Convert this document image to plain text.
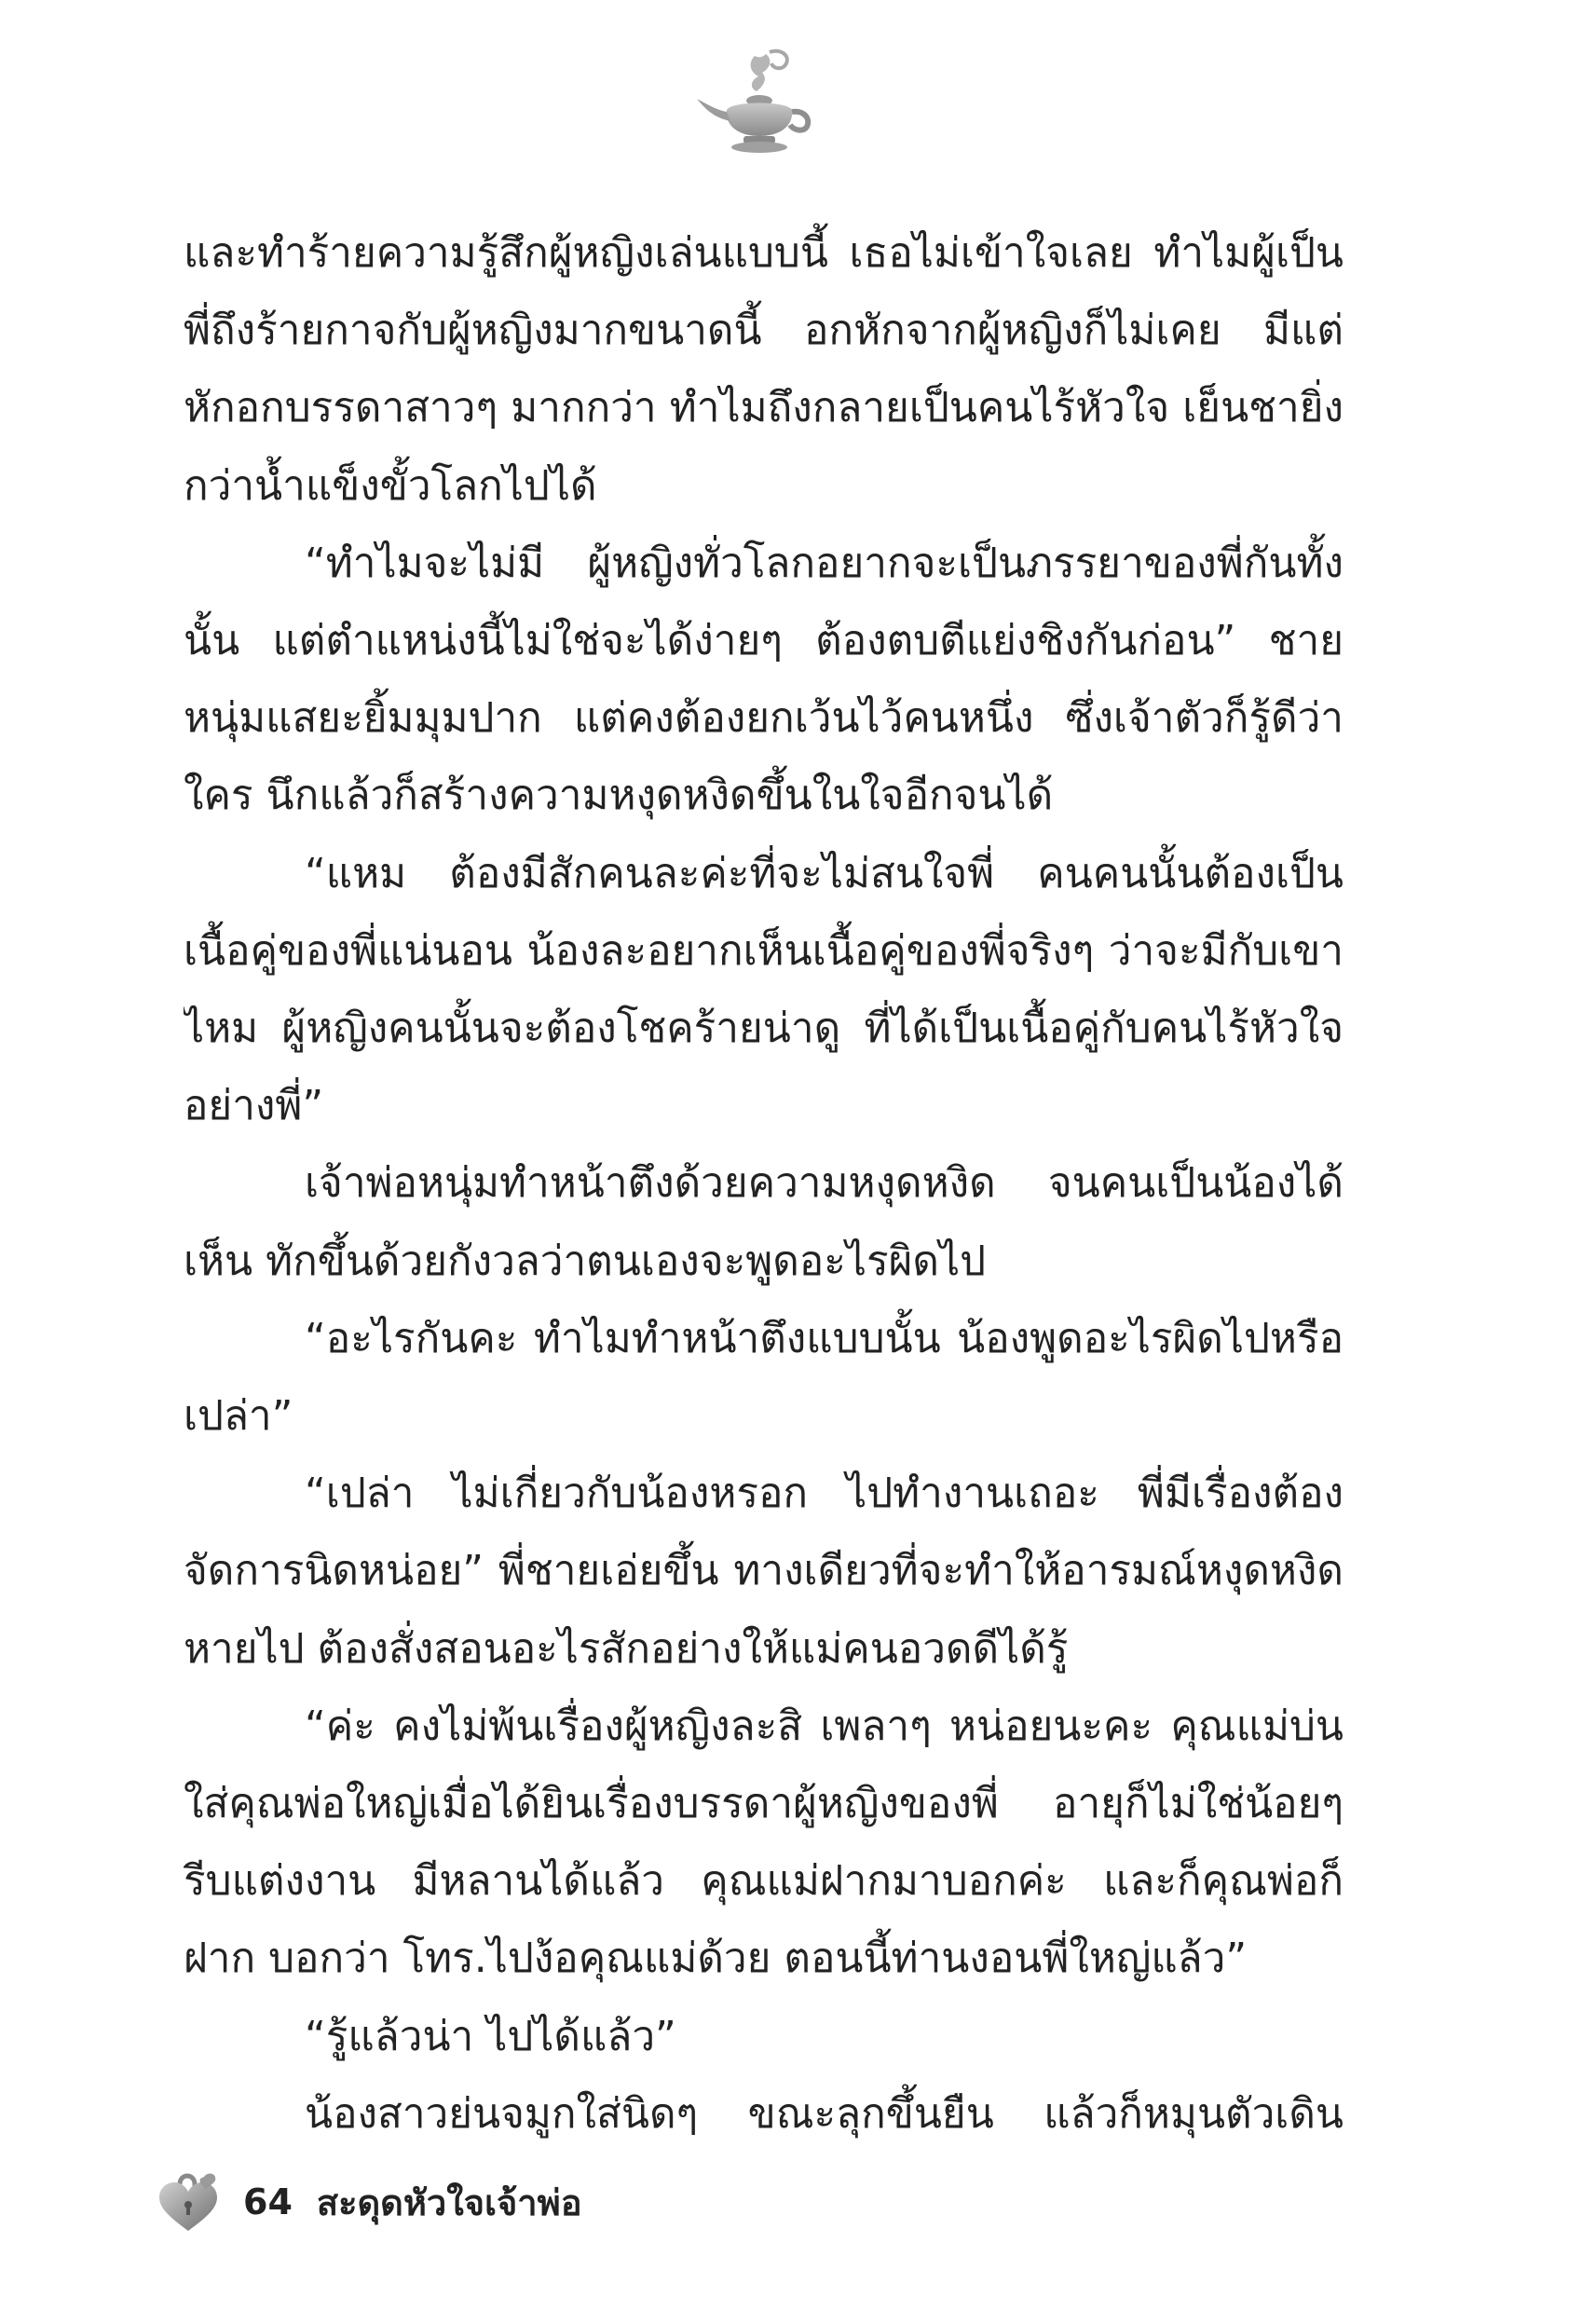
และทำร้ายความรู้สึกผู้หญิงเล่นแบบนี้ เธอไม่เข้าใจเลย ทำไมผู้เป็นพี่ถึงร้ายกาจกับผู้หญิงมากขนาดนี้ อกหักจากผู้หญิงก็ไม่เคย มีแต่หักอกบรรดาสาวๆ มากกว่า ทำไมถึงกลายเป็นคนไร้หัวใจ เย็นชายิ่งกว่าน้ำแข็งขั้วโลกไปได้

“ทำไมจะไม่มี ผู้หญิงทั่วโลกอยากจะเป็นภรรยาของพี่กันทั้งนั้น แต่ตำแหน่งนี้ไม่ใช่จะได้ง่ายๆ ต้องตบตีแย่งชิงกันก่อน” ชายหนุ่มแสยะยิ้มมุมปาก แต่คงต้องยกเว้นไว้คนหนึ่ง ซึ่งเจ้าตัวก็รู้ดีว่าใคร นึกแล้วก็สร้างความหงุดหงิดขึ้นในใจอีกจนได้

“แหม ต้องมีสักคนละค่ะที่จะไม่สนใจพี่ คนคนนั้นต้องเป็นเนื้อคู่ของพี่แน่นอน น้องละอยากเห็นเนื้อคู่ของพี่จริงๆ ว่าจะมีกับเขาไหม ผู้หญิงคนนั้นจะต้องโชคร้ายน่าดู ที่ได้เป็นเนื้อคู่กับคนไร้หัวใจอย่างพี่”

เจ้าพ่อหนุ่มทำหน้าตึงด้วยความหงุดหงิด จนคนเป็นน้องได้เห็น ทักขึ้นด้วยกังวลว่าตนเองจะพูดอะไรผิดไป

“อะไรกันคะ ทำไมทำหน้าตึงแบบนั้น น้องพูดอะไรผิดไปหรือเปล่า”

“เปล่า ไม่เกี่ยวกับน้องหรอก ไปทำงานเถอะ พี่มีเรื่องต้องจัดการนิดหน่อย” พี่ชายเอ่ยขึ้น ทางเดียวที่จะทำให้อารมณ์หงุดหงิดหายไป ต้องสั่งสอนอะไรสักอย่างให้แม่คนอวดดีได้รู้

“ค่ะ คงไม่พ้นเรื่องผู้หญิงละสิ เพลาๆ หน่อยนะคะ คุณแม่บ่นใส่คุณพ่อใหญ่เมื่อได้ยินเรื่องบรรดาผู้หญิงของพี่ อายุก็ไม่ใช่น้อยๆ รีบแต่งงาน มีหลานได้แล้ว คุณแม่ฝากมาบอกค่ะ และก็คุณพ่อก็ฝาก บอกว่า โทร.ไปง้อคุณแม่ด้วย ตอนนี้ท่านงอนพี่ใหญ่แล้ว”

“รู้แล้วน่า ไปได้แล้ว”

น้องสาวย่นจมูกใส่นิดๆ ขณะลุกขึ้นยืน แล้วก็หมุนตัวเดิน

64 สะดุดหัวใจเจ้าพ่อ
